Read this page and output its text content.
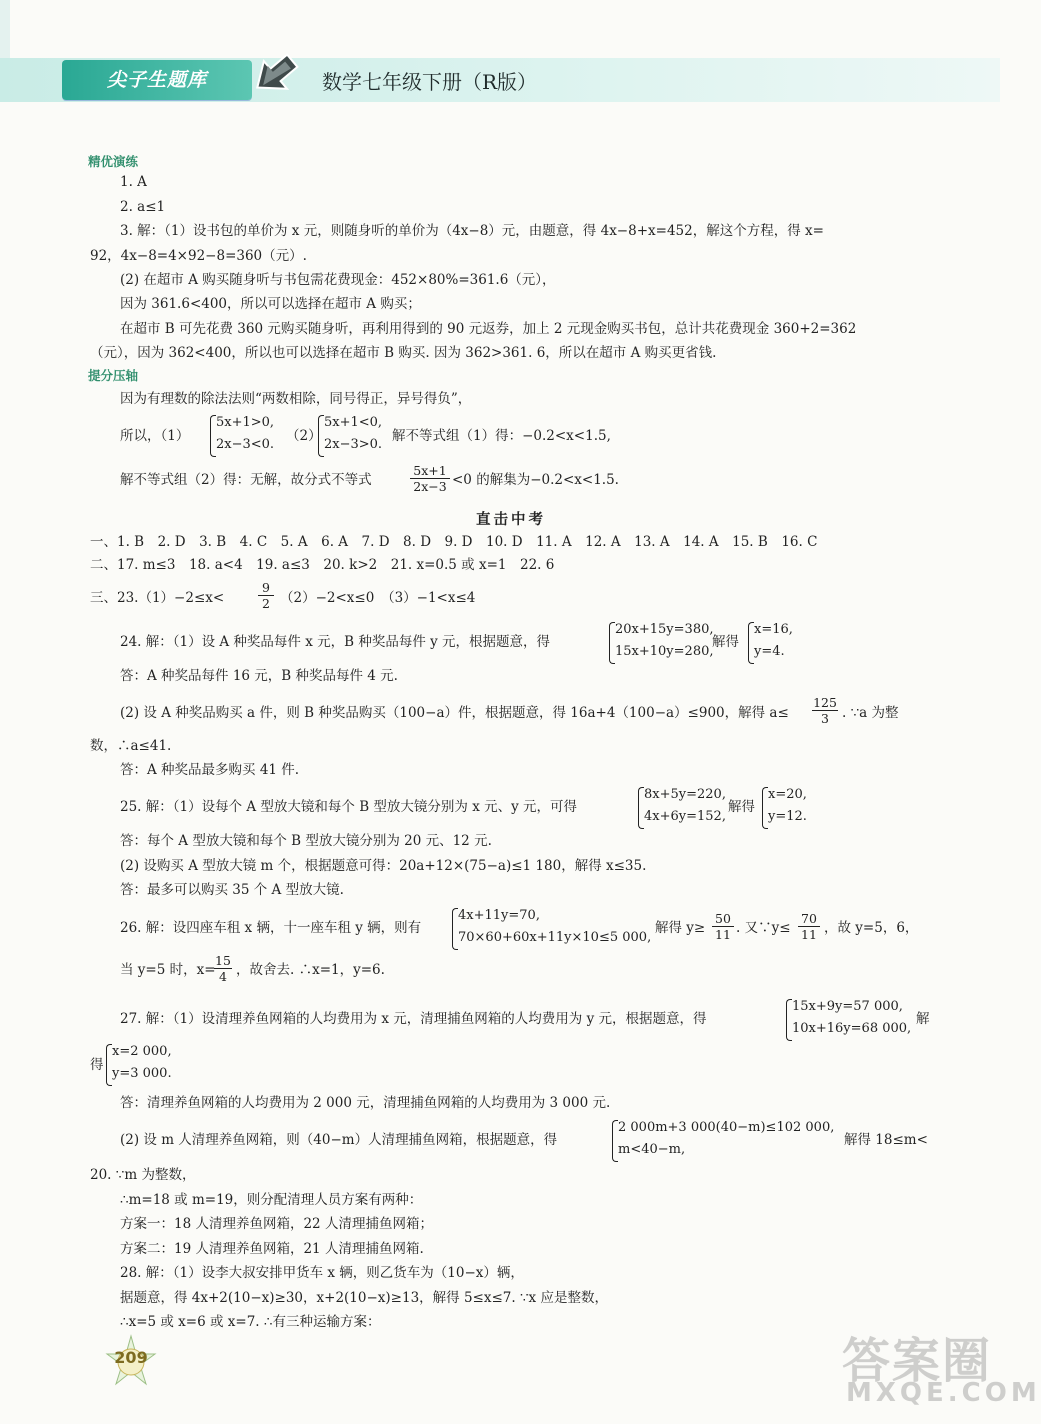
尖子生题库	数学七年级下册（R版）
精优演练
1. A
2. a≤1
3. 解：（1）设书包的单价为 x 元，则随身听的单价为（4x−8）元，由题意，得 4x−8+x=452，解这个方程，得 x=
92，4x−8=4×92−8=360（元）.
(2) 在超市 A 购买随身听与书包需花费现金：452×80%=361.6（元），
因为 361.6<400，所以可以选择在超市 A 购买；
在超市 B 可先花费 360 元购买随身听，再利用得到的 90 元返券，加上 2 元现金购买书包，总计共花费现金 360+2=362
（元），因为 362<400，所以也可以选择在超市 B 购买. 因为 362>361. 6，所以在超市 A 购买更省钱.
提分压轴
因为有理数的除法法则“两数相除，同号得正，异号得负”，
所以，（1）
5x+1>0,
2x−3<0.
（2）
5x+1<0,
2x−3>0.
解不等式组（1）得：−0.2<x<1.5,
解不等式组（2）得：无解，故分式不等式	$\frac{5x+1}{2x-3} <0$ 的解集为−0.2<x<1.5.
直击中考
一、1. B　2. D　3. B　4. C　5. A　6. A　7. D　8. D　9. D　10. D　11. A　12. A　13. A　14. A　15. B　16. C
二、17. m≤3　18. a<4　19. a≤3　20. k>2　21. x=0.5 或 x=1　22. 6
三、23.（1）−2≤x<	$\frac{9}{2} (2)-2<x\le 0$　（3）−1<x≤4
24. 解：（1）设 A 种奖品每件 x 元，B 种奖品每件 y 元，根据题意，得
20x+15y=380,
15x+10y=280,
解得
x=16,
y=4.
答：A 种奖品每件 16 元，B 种奖品每件 4 元.
(2) 设 A 种奖品购买 a 件，则 B 种奖品购买（100−a）件，根据题意，得 16a+4（100−a）≤900，解得 $a\le \frac{125}{3}$ . ∵a 为整
数，∴a≤41.
答：A 种奖品最多购买 41 件.
25. 解：（1）设每个 A 型放大镜和每个 B 型放大镜分别为 x 元、y 元，可得
8x+5y=220,
4x+6y=152,
解得
x=20,
y=12.
答：每个 A 型放大镜和每个 B 型放大镜分别为 20 元、12 元.
(2) 设购买 A 型放大镜 m 个，根据题意可得：20a+12×(75−a)≤1 180，解得 x≤35.
答：最多可以购买 35 个 A 型放大镜.
26. 解：设四座车租 x 辆，十一座车租 y 辆，则有
4x+11y=70,
70×60+60x+11y×10≤5 000,
解得 $y\ge \frac{50}{11}$ . 又∵y≤ $\frac{70}{11}$ ，故 y=5，6，
当 y=5 时，x=
$\frac{15}{4}$ ，故舍去. ∴x=1，y=6.
27. 解：（1）设清理养鱼网箱的人均费用为 x 元，清理捕鱼网箱的人均费用为 y 元，根据题意，得
15x+9y=57 000,
10x+16y=68 000,
解
得
x=2 000,
y=3 000.
答：清理养鱼网箱的人均费用为 2 000 元，清理捕鱼网箱的人均费用为 3 000 元.
(2) 设 m 人清理养鱼网箱，则（40−m）人清理捕鱼网箱，根据题意，得
2 000m+3 000(40−m)≤102 000,
m<40−m,
解得 18≤m<
20. ∵m 为整数，
∴m=18 或 m=19，则分配清理人员方案有两种：
方案一：18 人清理养鱼网箱，22 人清理捕鱼网箱；
方案二：19 人清理养鱼网箱，21 人清理捕鱼网箱.
28. 解：（1）设李大叔安排甲货车 x 辆，则乙货车为（10−x）辆，
据题意，得 4x+2(10−x)≥30，x+2(10−x)≥13，解得 5≤x≤7. ∵x 应是整数，
∴x=5 或 x=6 或 x=7. ∴有三种运输方案：
209	答案圈
MXQE.COM
